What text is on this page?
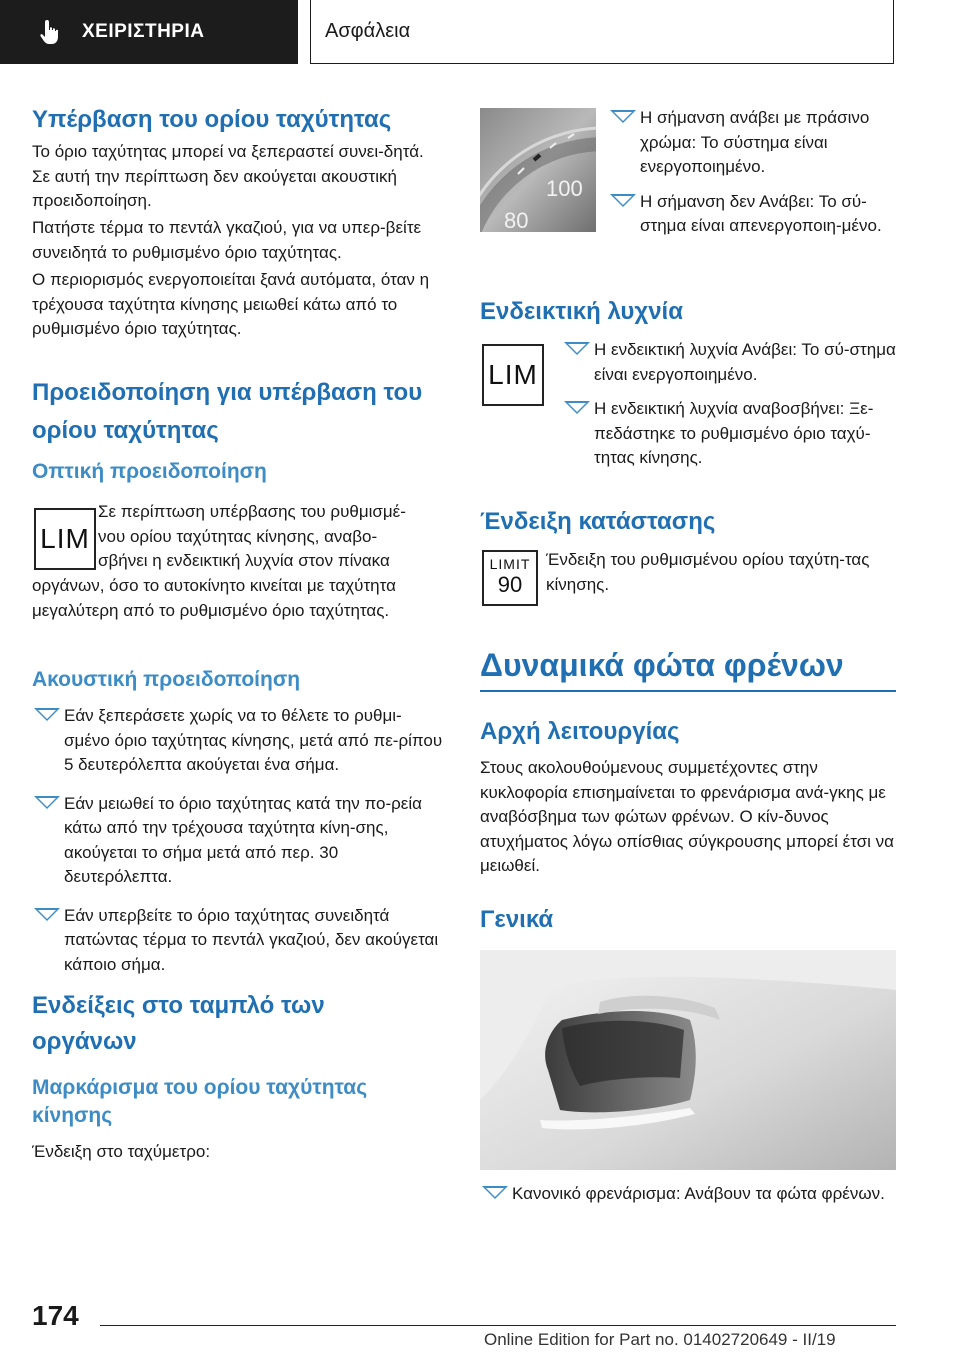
ΧΕΙΡΙΣΤΗΡΙΑ	Ασφάλεια
Υπέρβαση του ορίου ταχύτητας

Το όριο ταχύτητας μπορεί να ξεπεραστεί συνει-δητά. Σε αυτή την περίπτωση δεν ακούγεται ακουστική προειδοποίηση.

Πατήστε τέρμα το πεντάλ γκαζιού, για να υπερ-βείτε συνειδητά το ρυθμισμένο όριο ταχύτητας.

Ο περιορισμός ενεργοποιείται ξανά αυτόματα, όταν η τρέχουσα ταχύτητα κίνησης μειωθεί κάτω από το ρυθμισμένο όριο ταχύτητας.

Προειδοποίηση για υπέρβαση του ορίου ταχύτητας
Οπτική προειδοποίηση
LIM

Σε περίπτωση υπέρβασης του ρυθμισμέ-

νου ορίου ταχύτητας κίνησης, αναβο-

σβήνει η ενδεικτική λυχνία στον πίνακα

οργάνων, όσο το αυτοκίνητο κινείται με ταχύτητα μεγαλύτερη από το ρυθμισμένο όριο ταχύτητας.

Ακουστική προειδοποίηση
Εάν ξεπεράσετε χωρίς να το θέλετε το ρυθμι-σμένο όριο ταχύτητας κίνησης, μετά από πε-ρίπου 5 δευτερόλεπτα ακούγεται ένα σήμα.
Εάν μειωθεί το όριο ταχύτητας κατά την πο-ρεία κάτω από την τρέχουσα ταχύτητα κίνη-σης, ακούγεται το σήμα μετά από περ. 30 δευτερόλεπτα.
Εάν υπερβείτε το όριο ταχύτητας συνειδητά πατώντας τέρμα το πεντάλ γκαζιού, δεν ακούγεται κάποιο σήμα.
Ενδείξεις στο ταμπλό των οργάνων
Μαρκάρισμα του ορίου ταχύτητας κίνησης

Ένδειξη στο ταχύμετρο:

100
80
Η σήμανση ανάβει με πράσινο χρώμα: Το σύστημα είναι ενεργοποιημένο.
Η σήμανση δεν Ανάβει: Το σύ-στημα είναι απενεργοποιη-μένο.
Ενδεικτική λυχνία
LIM
Η ενδεικτική λυχνία Ανάβει: Το σύ-στημα είναι ενεργοποιημένο.
Η ενδεικτική λυχνία αναβοσβήνει: Ξε-πεδάστηκε το ρυθμισμένο όριο ταχύ-τητας κίνησης.
Ένδειξη κατάστασης
LIMIT
90

Ένδειξη του ρυθμισμένου ορίου ταχύτη-τας κίνησης.

Δυναμικά φώτα φρένων
Αρχή λειτουργίας

Στους ακολουθούμενους συμμετέχοντες στην κυκλοφορία επισημαίνεται το φρενάρισμα ανά-γκης με αναβόσβημα των φώτων φρένων. Ο κίν-δυνος ατυχήματος λόγω οπίσθιας σύγκρουσης μπορεί έτσι να μειωθεί.

Γενικά
Κανονικό φρενάρισμα: Ανάβουν τα φώτα φρένων.
174
Online Edition for Part no. 01402720649 - II/19
